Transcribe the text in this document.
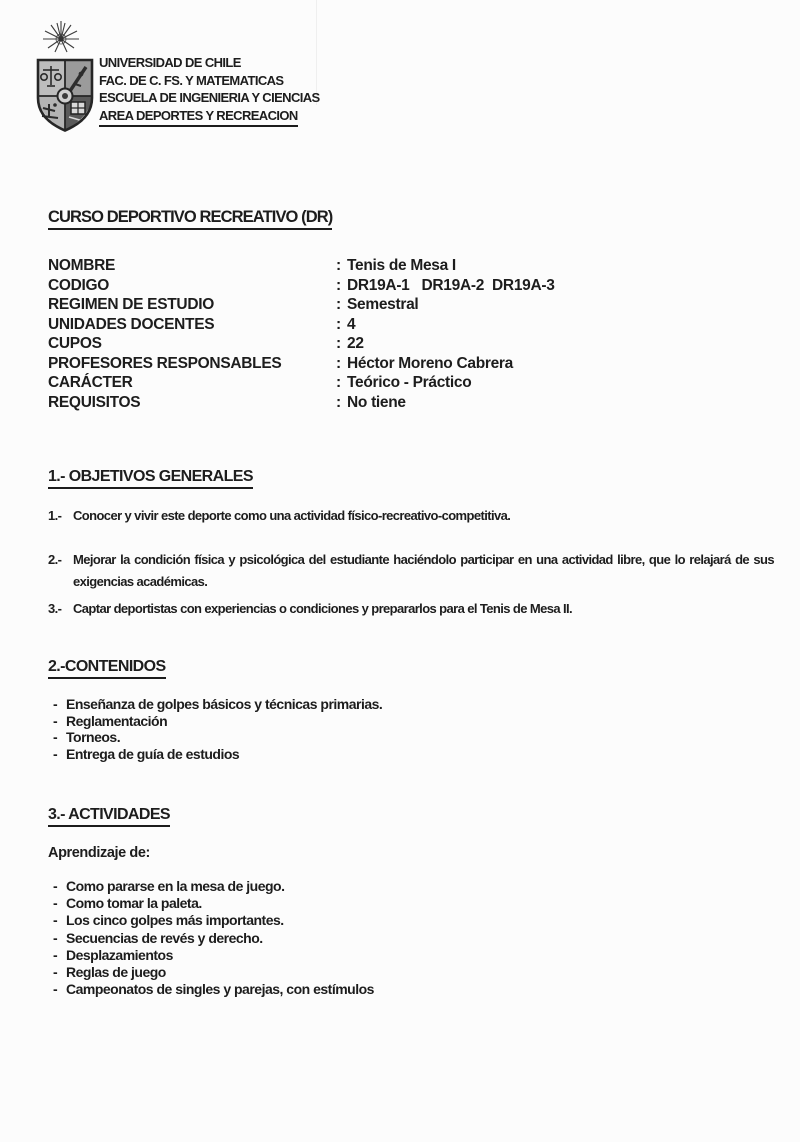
UNIVERSIDAD DE CHILE
FAC. DE C. FS. Y MATEMATICAS
ESCUELA DE INGENIERIA Y CIENCIAS
AREA DEPORTES Y RECREACION
CURSO DEPORTIVO RECREATIVO (DR)
NOMBRE	: Tenis de Mesa I
CODIGO	: DR19A-1   DR19A-2  DR19A-3
REGIMEN DE ESTUDIO	: Semestral
UNIDADES DOCENTES	: 4
CUPOS	: 22
PROFESORES RESPONSABLES	: Héctor Moreno Cabrera
CARÁCTER	: Teórico - Práctico
REQUISITOS	: No tiene
1.- OBJETIVOS GENERALES
1.- Conocer y vivir este deporte como una actividad físico-recreativo-competitiva.
2.- Mejorar la condición física y psicológica del estudiante haciéndolo participar en una actividad libre, que lo relajará de sus exigencias académicas.
3.- Captar deportistas con experiencias o condiciones y prepararlos para el Tenis de Mesa II.
2.-CONTENIDOS
- Enseñanza de golpes básicos y técnicas primarias.
- Reglamentación
- Torneos.
- Entrega de guía de estudios
3.- ACTIVIDADES
Aprendizaje de:
- Como pararse en la mesa de juego.
- Como tomar la paleta.
- Los cinco golpes más importantes.
- Secuencias de revés y derecho.
- Desplazamientos
- Reglas de juego
- Campeonatos de singles y parejas, con estímulos
